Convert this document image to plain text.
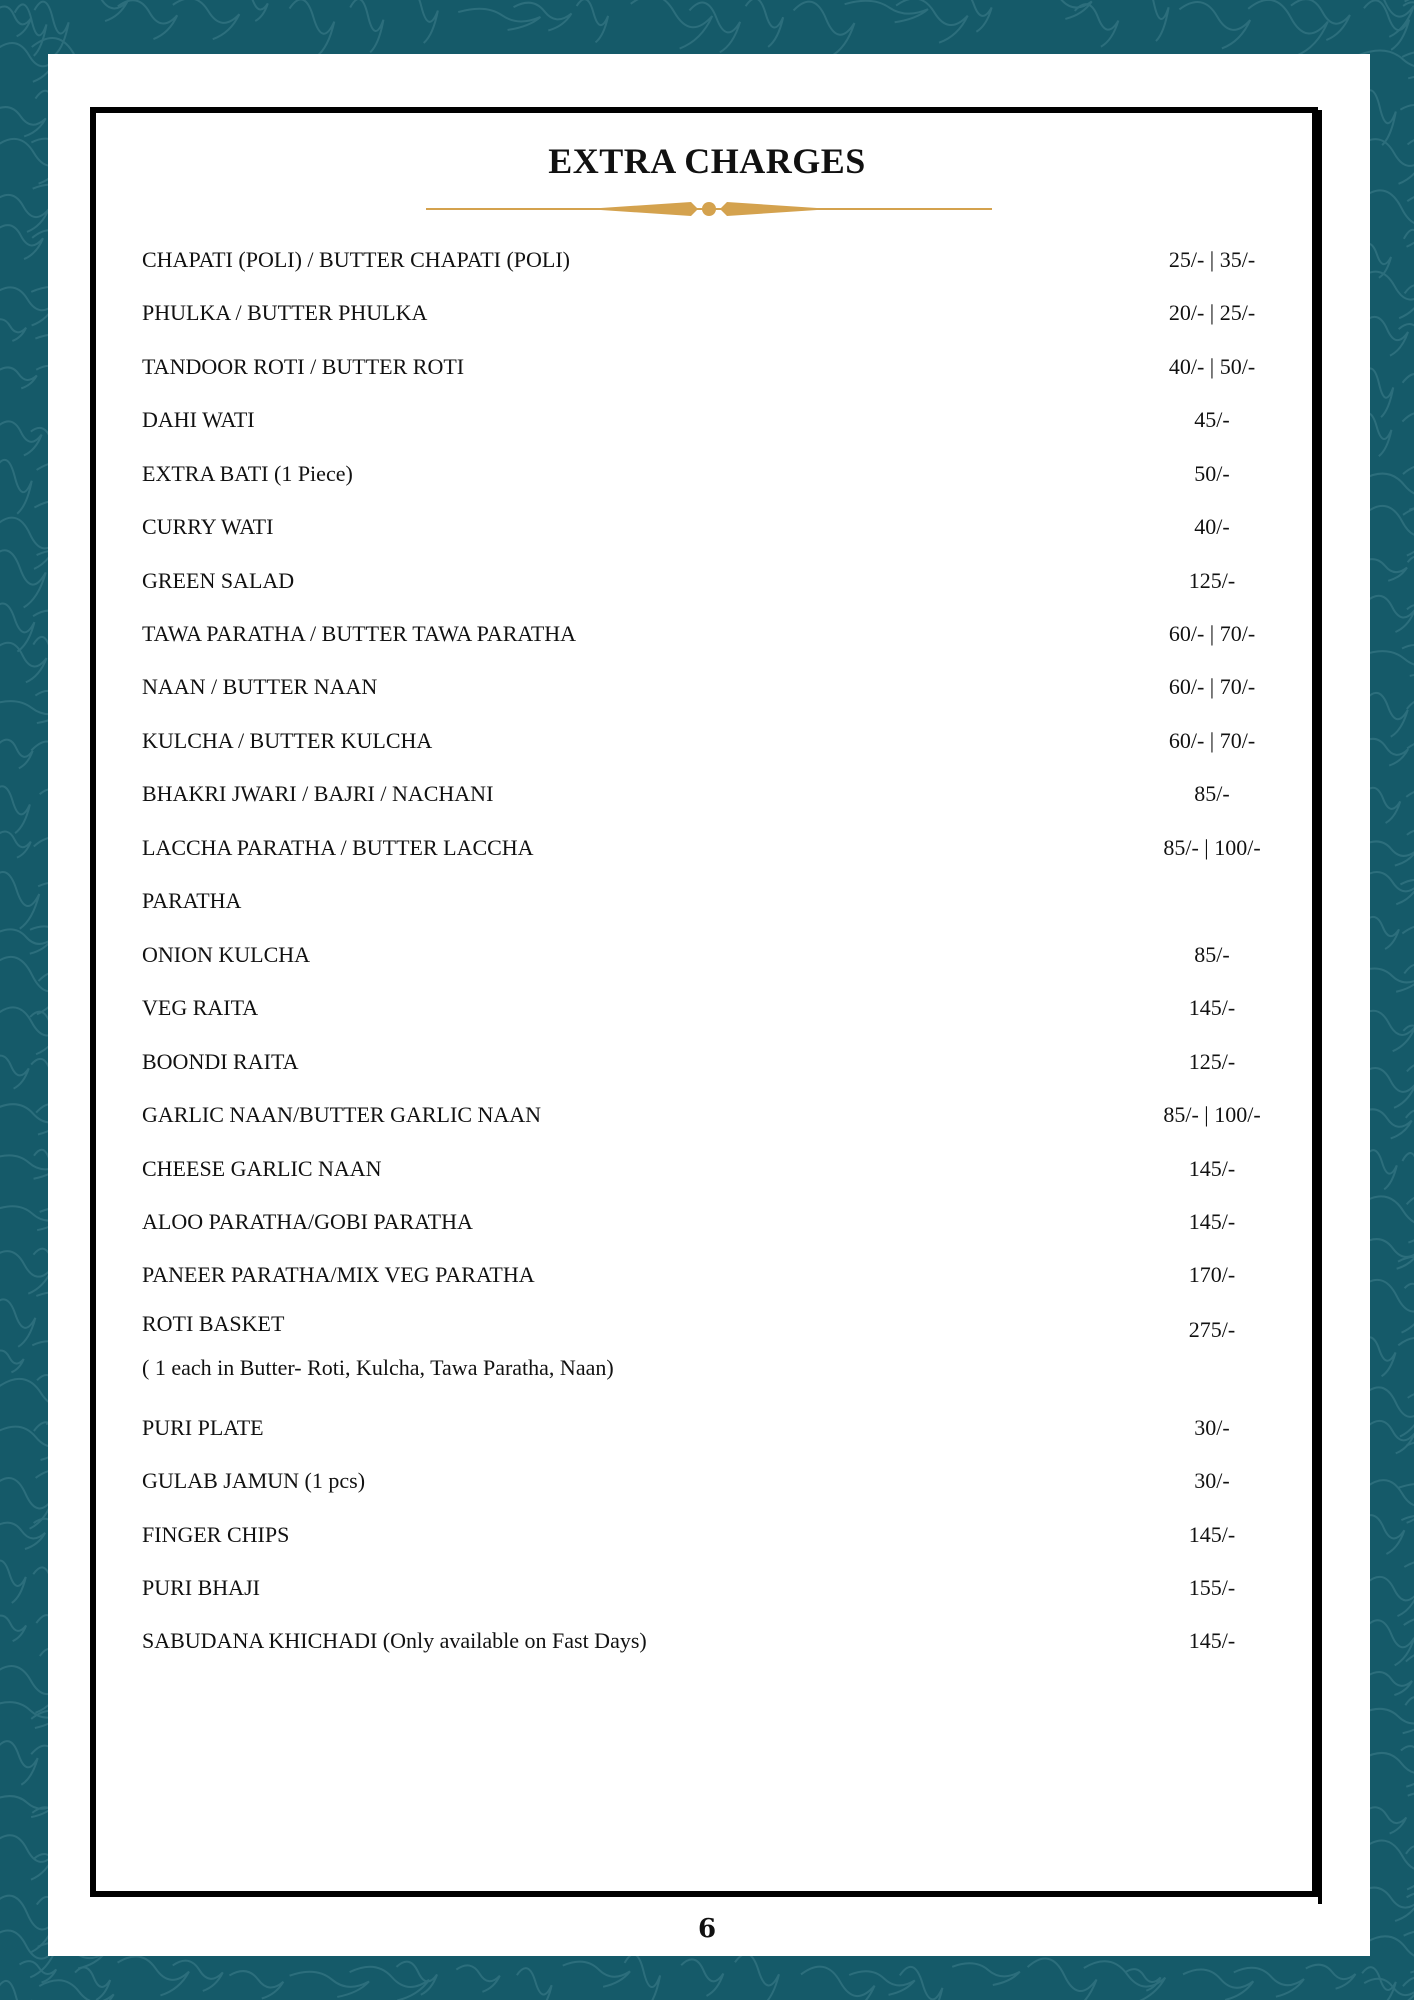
EXTRA CHARGES
CHAPATI (POLI) / BUTTER CHAPATI (POLI)	25/- | 35/-
PHULKA / BUTTER PHULKA	20/- | 25/-
TANDOOR ROTI / BUTTER ROTI	40/- | 50/-
DAHI WATI	45/-
EXTRA BATI (1 Piece)	50/-
CURRY WATI	40/-
GREEN SALAD	125/-
TAWA PARATHA / BUTTER TAWA PARATHA	60/- | 70/-
NAAN / BUTTER NAAN	60/- | 70/-
KULCHA / BUTTER KULCHA	60/- | 70/-
BHAKRI JWARI / BAJRI / NACHANI	85/-
LACCHA PARATHA / BUTTER LACCHA	85/- | 100/-
PARATHA
ONION KULCHA	85/-
VEG RAITA	145/-
BOONDI RAITA	125/-
GARLIC NAAN/BUTTER GARLIC NAAN	85/- | 100/-
CHEESE GARLIC NAAN	145/-
ALOO PARATHA/GOBI PARATHA	145/-
PANEER PARATHA/MIX VEG PARATHA	170/-
ROTI BASKET	275/-
( 1 each in Butter- Roti, Kulcha, Tawa Paratha, Naan)
PURI PLATE	30/-
GULAB JAMUN (1 pcs)	30/-
FINGER CHIPS	145/-
PURI BHAJI	155/-
SABUDANA KHICHADI (Only available on Fast Days)	145/-
6
